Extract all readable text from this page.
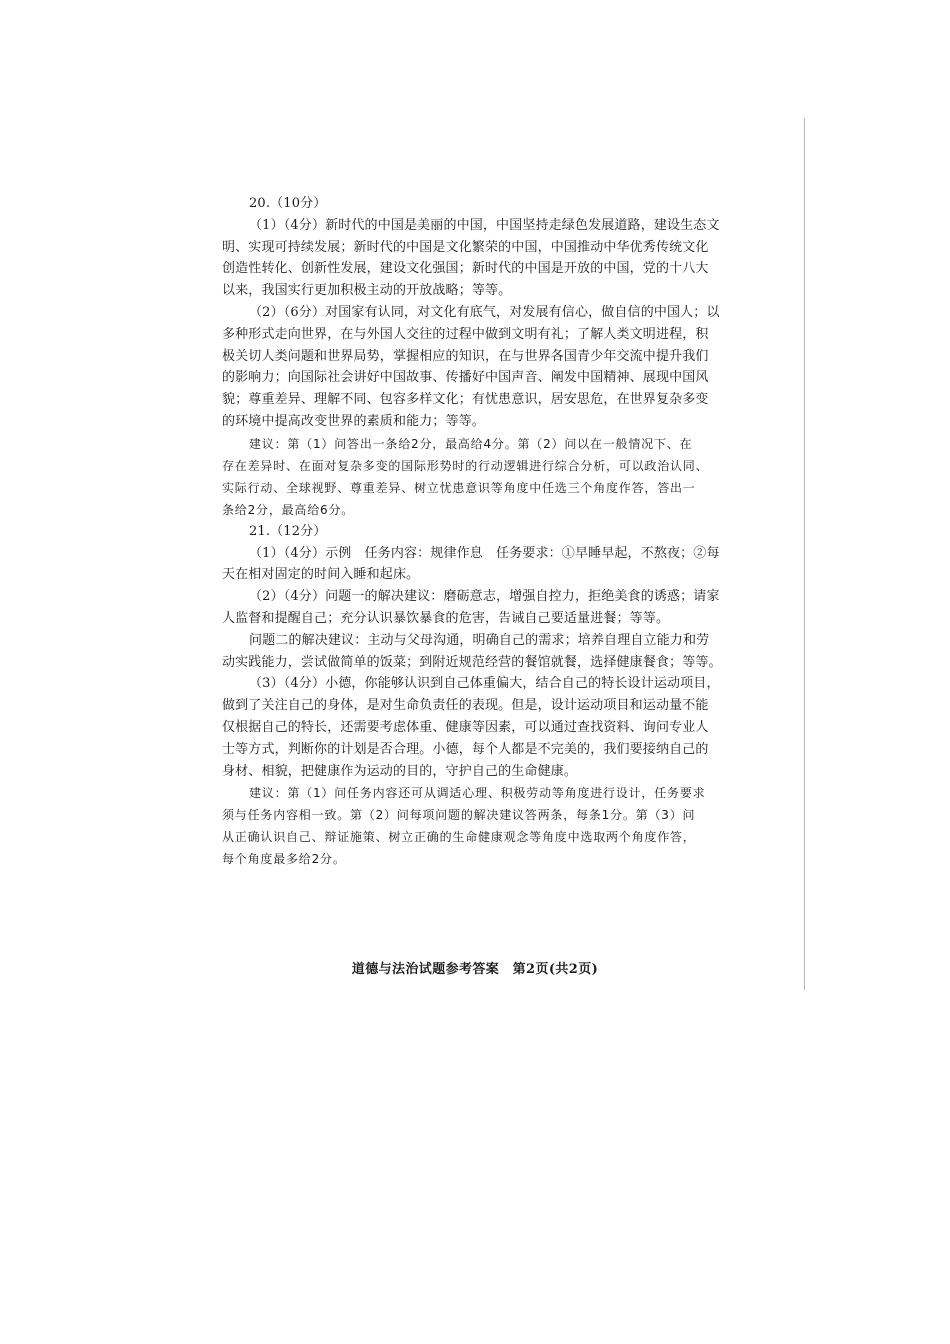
20.（10分）
（1）（4分）新时代的中国是美丽的中国，中国坚持走绿色发展道路，建设生态文
明、实现可持续发展；新时代的中国是文化繁荣的中国，中国推动中华优秀传统文化
创造性转化、创新性发展，建设文化强国；新时代的中国是开放的中国，党的十八大
以来，我国实行更加积极主动的开放战略；等等。
（2）（6分）对国家有认同，对文化有底气，对发展有信心，做自信的中国人；以
多种形式走向世界，在与外国人交往的过程中做到文明有礼；了解人类文明进程，积
极关切人类问题和世界局势，掌握相应的知识，在与世界各国青少年交流中提升我们
的影响力；向国际社会讲好中国故事、传播好中国声音、阐发中国精神、展现中国风
貌；尊重差异、理解不同、包容多样文化；有忧患意识，居安思危，在世界复杂多变
的环境中提高改变世界的素质和能力；等等。
建议：第（1）问答出一条给2分，最高给4分。第（2）问以在一般情况下、在
存在差异时、在面对复杂多变的国际形势时的行动逻辑进行综合分析，可以政治认同、
实际行动、全球视野、尊重差异、树立忧患意识等角度中任选三个角度作答，答出一
条给2分，最高给6分。
21.（12分）
（1）（4分）示例　任务内容：规律作息　任务要求：①早睡早起，不熬夜；②每
天在相对固定的时间入睡和起床。
（2）（4分）问题一的解决建议：磨砺意志，增强自控力，拒绝美食的诱惑；请家
人监督和提醒自己；充分认识暴饮暴食的危害，告诫自己要适量进餐；等等。
问题二的解决建议：主动与父母沟通，明确自己的需求；培养自理自立能力和劳
动实践能力，尝试做简单的饭菜；到附近规范经营的餐馆就餐，选择健康餐食；等等。
（3）（4分）小德，你能够认识到自己体重偏大，结合自己的特长设计运动项目，
做到了关注自己的身体，是对生命负责任的表现。但是，设计运动项目和运动量不能
仅根据自己的特长，还需要考虑体重、健康等因素，可以通过查找资料、询问专业人
士等方式，判断你的计划是否合理。小德，每个人都是不完美的，我们要接纳自己的
身材、相貌，把健康作为运动的目的，守护自己的生命健康。
建议：第（1）问任务内容还可从调适心理、积极劳动等角度进行设计，任务要求
须与任务内容相一致。第（2）问每项问题的解决建议答两条，每条1分。第（3）问
从正确认识自己、辩证施策、树立正确的生命健康观念等角度中选取两个角度作答，
每个角度最多给2分。
道德与法治试题参考答案　第2页(共2页)
